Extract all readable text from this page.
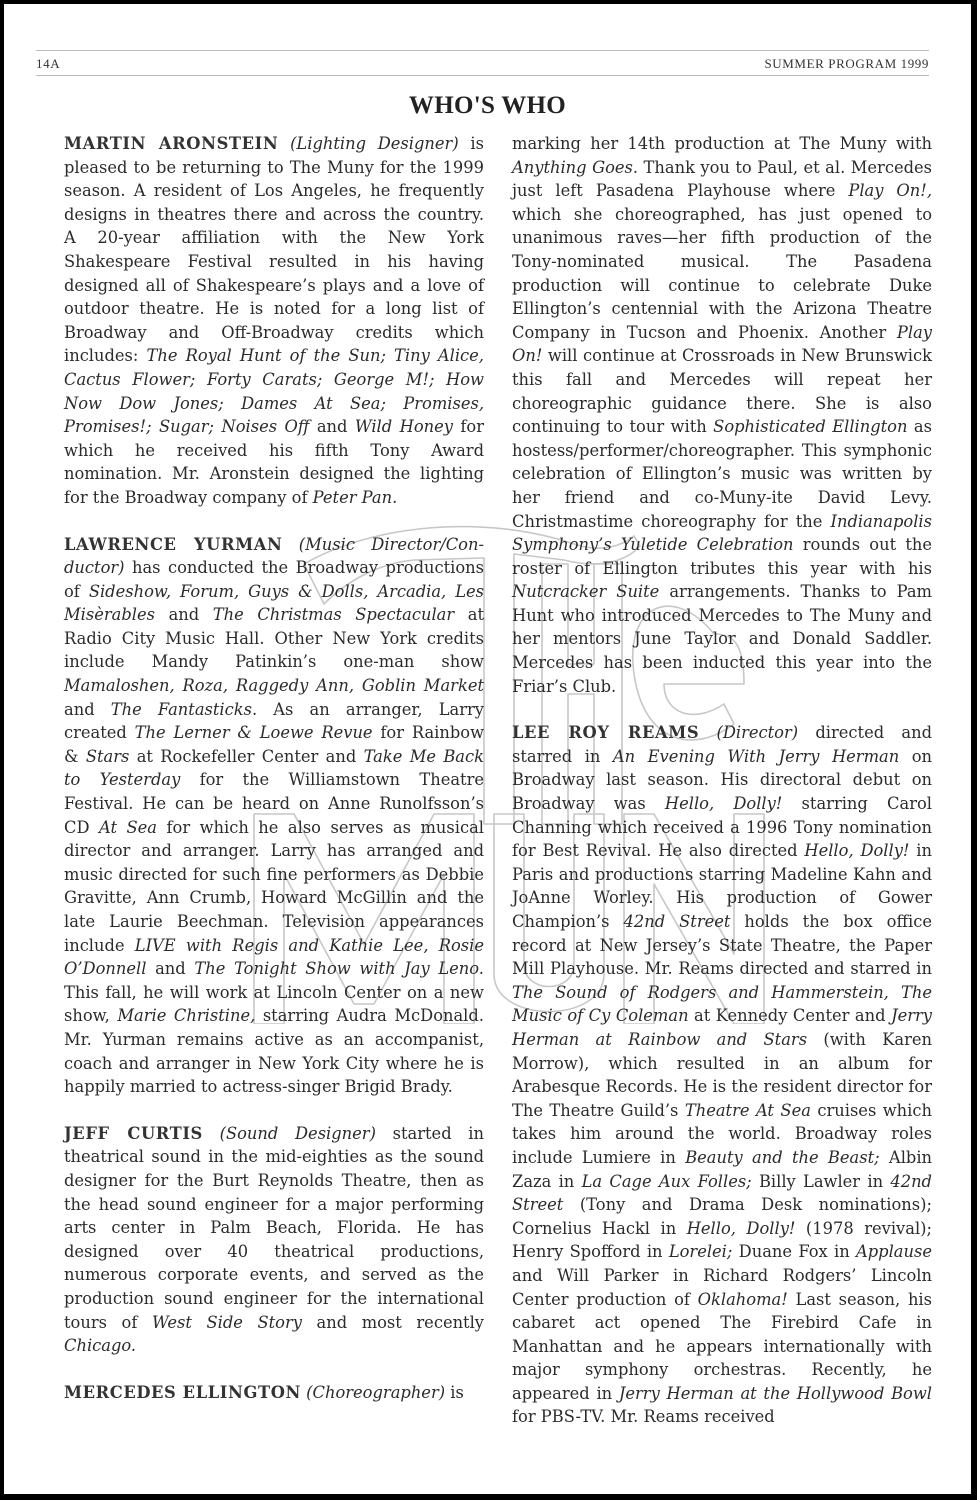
14A	SUMMER PROGRAM 1999
WHO'S WHO

MARTIN ARONSTEIN (Lighting Designer) is pleased to be returning to The Muny for the 1999 season. A resident of Los Angeles, he frequently designs in theatres there and across the country. A 20-year affiliation with the New York Shakespeare Festival resulted in his having designed all of Shakespeare’s plays and a love of outdoor theatre. He is noted for a long list of Broadway and Off-Broadway credits which includes: The Royal Hunt of the Sun; Tiny Alice, Cactus Flower; Forty Carats; George M!; How Now Dow Jones; Dames At Sea; Promises, Promises!; Sugar; Noises Off and Wild Honey for which he received his fifth Tony Award nomination. Mr. Aronstein designed the lighting for the Broadway company of Peter Pan.

LAWRENCE YURMAN (Music Director/Conductor) has conducted the Broadway productions of Sideshow, Forum, Guys & Dolls, Arcadia, Les Misèrables and The Christmas Spectacular at Radio City Music Hall. Other New York credits include Mandy Patinkin’s one-man show Mamaloshen, Roza, Raggedy Ann, Goblin Market and The Fantasticks. As an arranger, Larry created The Lerner & Loewe Revue for Rainbow & Stars at Rockefeller Center and Take Me Back to Yesterday for the Williamstown Theatre Festival. He can be heard on Anne Runolfsson’s CD At Sea for which he also serves as musical director and arranger. Larry has arranged and music directed for such fine performers as Debbie Gravitte, Ann Crumb, Howard McGillin and the late Laurie Beechman. Television appearances include LIVE with Regis and Kathie Lee, Rosie O’Donnell and The Tonight Show with Jay Leno. This fall, he will work at Lincoln Center on a new show, Marie Christine, starring Audra McDonald. Mr. Yurman remains active as an accompanist, coach and arranger in New York City where he is happily married to actress-singer Brigid Brady.

JEFF CURTIS (Sound Designer) started in theatrical sound in the mid-eighties as the sound designer for the Burt Reynolds Theatre, then as the head sound engineer for a major performing arts center in Palm Beach, Florida. He has designed over 40 theatrical productions, numerous corporate events, and served as the production sound engineer for the international tours of West Side Story and most recently Chicago.

MERCEDES ELLINGTON (Choreographer) is

marking her 14th production at The Muny with Anything Goes. Thank you to Paul, et al. Mercedes just left Pasadena Playhouse where Play On!, which she choreographed, has just opened to unanimous raves—her fifth production of the Tony-nominated musical. The Pasadena production will continue to celebrate Duke Ellington’s centennial with the Arizona Theatre Company in Tucson and Phoenix. Another Play On! will continue at Crossroads in New Brunswick this fall and Mercedes will repeat her choreographic guidance there. She is also continuing to tour with Sophisticated Ellington as hostess/performer/choreographer. This symphonic celebration of Ellington’s music was written by her friend and co-Muny-ite David Levy. Christmastime choreography for the Indianapolis Symphony’s Yuletide Celebration rounds out the roster of Ellington tributes this year with his Nutcracker Suite arrangements. Thanks to Pam Hunt who introduced Mercedes to The Muny and her mentors June Taylor and Donald Saddler. Mercedes has been inducted this year into the Friar’s Club.

LEE ROY REAMS (Director) directed and starred in An Evening With Jerry Herman on Broadway last season. His directoral debut on Broadway was Hello, Dolly! starring Carol Channing which received a 1996 Tony nomination for Best Revival. He also directed Hello, Dolly! in Paris and productions starring Madeline Kahn and JoAnne Worley. His production of Gower Champion’s 42nd Street holds the box office record at New Jersey’s State Theatre, the Paper Mill Playhouse. Mr. Reams directed and starred in The Sound of Rodgers and Hammerstein, The Music of Cy Coleman at Kennedy Center and Jerry Herman at Rainbow and Stars (with Karen Morrow), which resulted in an album for Arabesque Records. He is the resident director for The Theatre Guild’s Theatre At Sea cruises which takes him around the world. Broadway roles include Lumiere in Beauty and the Beast; Albin Zaza in La Cage Aux Folles; Billy Lawler in 42nd Street (Tony and Drama Desk nominations); Cornelius Hackl in Hello, Dolly! (1978 revival); Henry Spofford in Lorelei; Duane Fox in Applause and Will Parker in Richard Rodgers’ Lincoln Center production of Oklahoma! Last season, his cabaret act opened The Firebird Cafe in Manhattan and he appears internationally with major symphony orchestras. Recently, he appeared in Jerry Herman at the Hollywood Bowl for PBS-TV. Mr. Reams received
